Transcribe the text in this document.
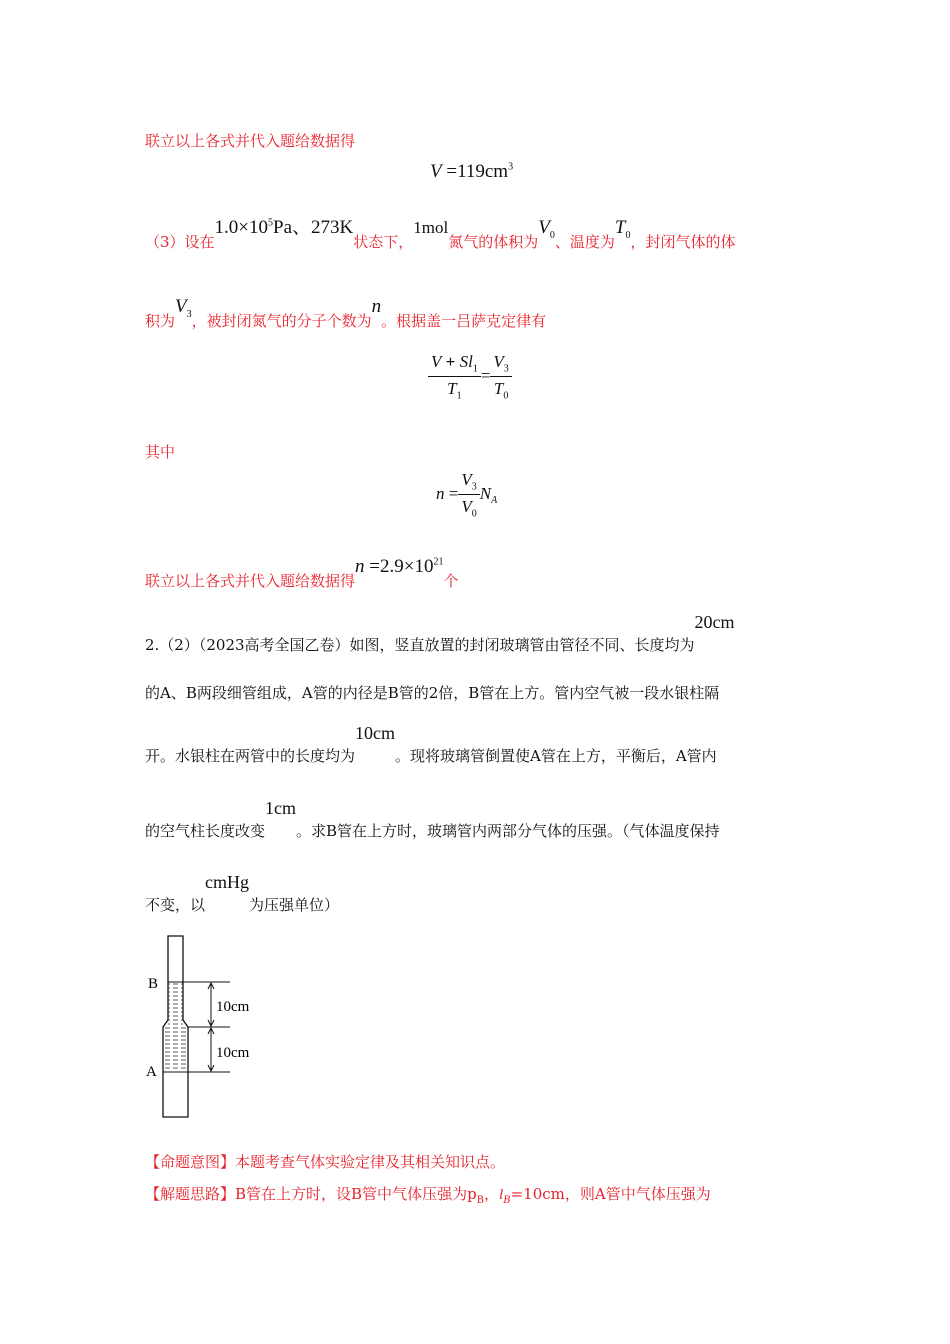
联立以上各式并代入题给数据得
$V =119cm^3$
（3）设在$1.0\times 10^5Pa$、273K状态下，1mol氮气的体积为$V_0$、温度为$T_0$，封闭气体的体
积为$V_3$，被封闭氮气的分子个数为n。根据盖一吕萨克定律有
$\frac{V + Sl_1}{T_1} = \frac{V_3}{T_0}$
其中
$n = \frac{V_3}{V_0} N_A$
联立以上各式并代入题给数据得$n =2.9\times 10^{21}$个
2.（2）（2023高考全国乙卷）如图，竖直放置的封闭玻璃管由管径不同、长度均为20cm
的A、B两段细管组成，A管的内径是B管的2倍，B管在上方。管内空气被一段水银柱隔
开。水银柱在两管中的长度均为10cm。现将玻璃管倒置使A管在上方，平衡后，A管内
的空气柱长度改变1cm。求B管在上方时，玻璃管内两部分气体的压强。（气体温度保持
不变，以cmHg为压强单位）
B
A
10cm
10cm
【命题意图】本题考查气体实验定律及其相关知识点。
【解题思路】B管在上方时，设B管中气体压强为$p_B$，$l_B=10cm$，则A管中气体压强为
